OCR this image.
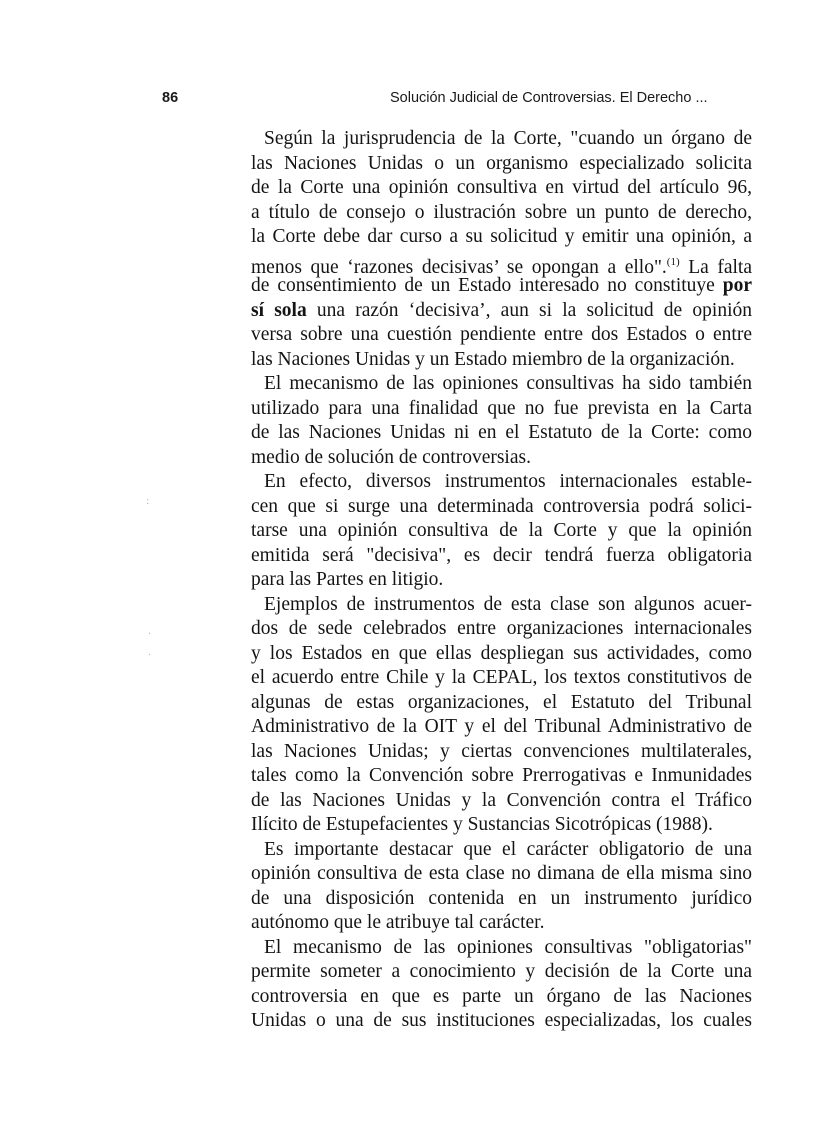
86	Solución Judicial de Controversias. El Derecho ...
:
·
·
Según la jurisprudencia de la Corte, "cuando un órgano de
las Naciones Unidas o un organismo especializado solicita
de la Corte una opinión consultiva en virtud del artículo 96,
a título de consejo o ilustración sobre un punto de derecho,
la Corte debe dar curso a su solicitud y emitir una opinión, a
menos que ‘razones decisivas’ se opongan a ello".$^{(1)}$ La falta
de consentimiento de un Estado interesado no constituye por
sí sola una razón ‘decisiva’, aun si la solicitud de opinión
versa sobre una cuestión pendiente entre dos Estados o entre
las Naciones Unidas y un Estado miembro de la organización.
El mecanismo de las opiniones consultivas ha sido también
utilizado para una finalidad que no fue prevista en la Carta
de las Naciones Unidas ni en el Estatuto de la Corte: como
medio de solución de controversias.
En efecto, diversos instrumentos internacionales estable-
cen que si surge una determinada controversia podrá solici-
tarse una opinión consultiva de la Corte y que la opinión
emitida será "decisiva", es decir tendrá fuerza obligatoria
para las Partes en litigio.
Ejemplos de instrumentos de esta clase son algunos acuer-
dos de sede celebrados entre organizaciones internacionales
y los Estados en que ellas despliegan sus actividades, como
el acuerdo entre Chile y la CEPAL, los textos constitutivos de
algunas de estas organizaciones, el Estatuto del Tribunal
Administrativo de la OIT y el del Tribunal Administrativo de
las Naciones Unidas; y ciertas convenciones multilaterales,
tales como la Convención sobre Prerrogativas e Inmunidades
de las Naciones Unidas y la Convención contra el Tráfico
Ilícito de Estupefacientes y Sustancias Sicotrópicas (1988).
Es importante destacar que el carácter obligatorio de una
opinión consultiva de esta clase no dimana de ella misma sino
de una disposición contenida en un instrumento jurídico
autónomo que le atribuye tal carácter.
El mecanismo de las opiniones consultivas "obligatorias"
permite someter a conocimiento y decisión de la Corte una
controversia en que es parte un órgano de las Naciones
Unidas o una de sus instituciones especializadas, los cuales
